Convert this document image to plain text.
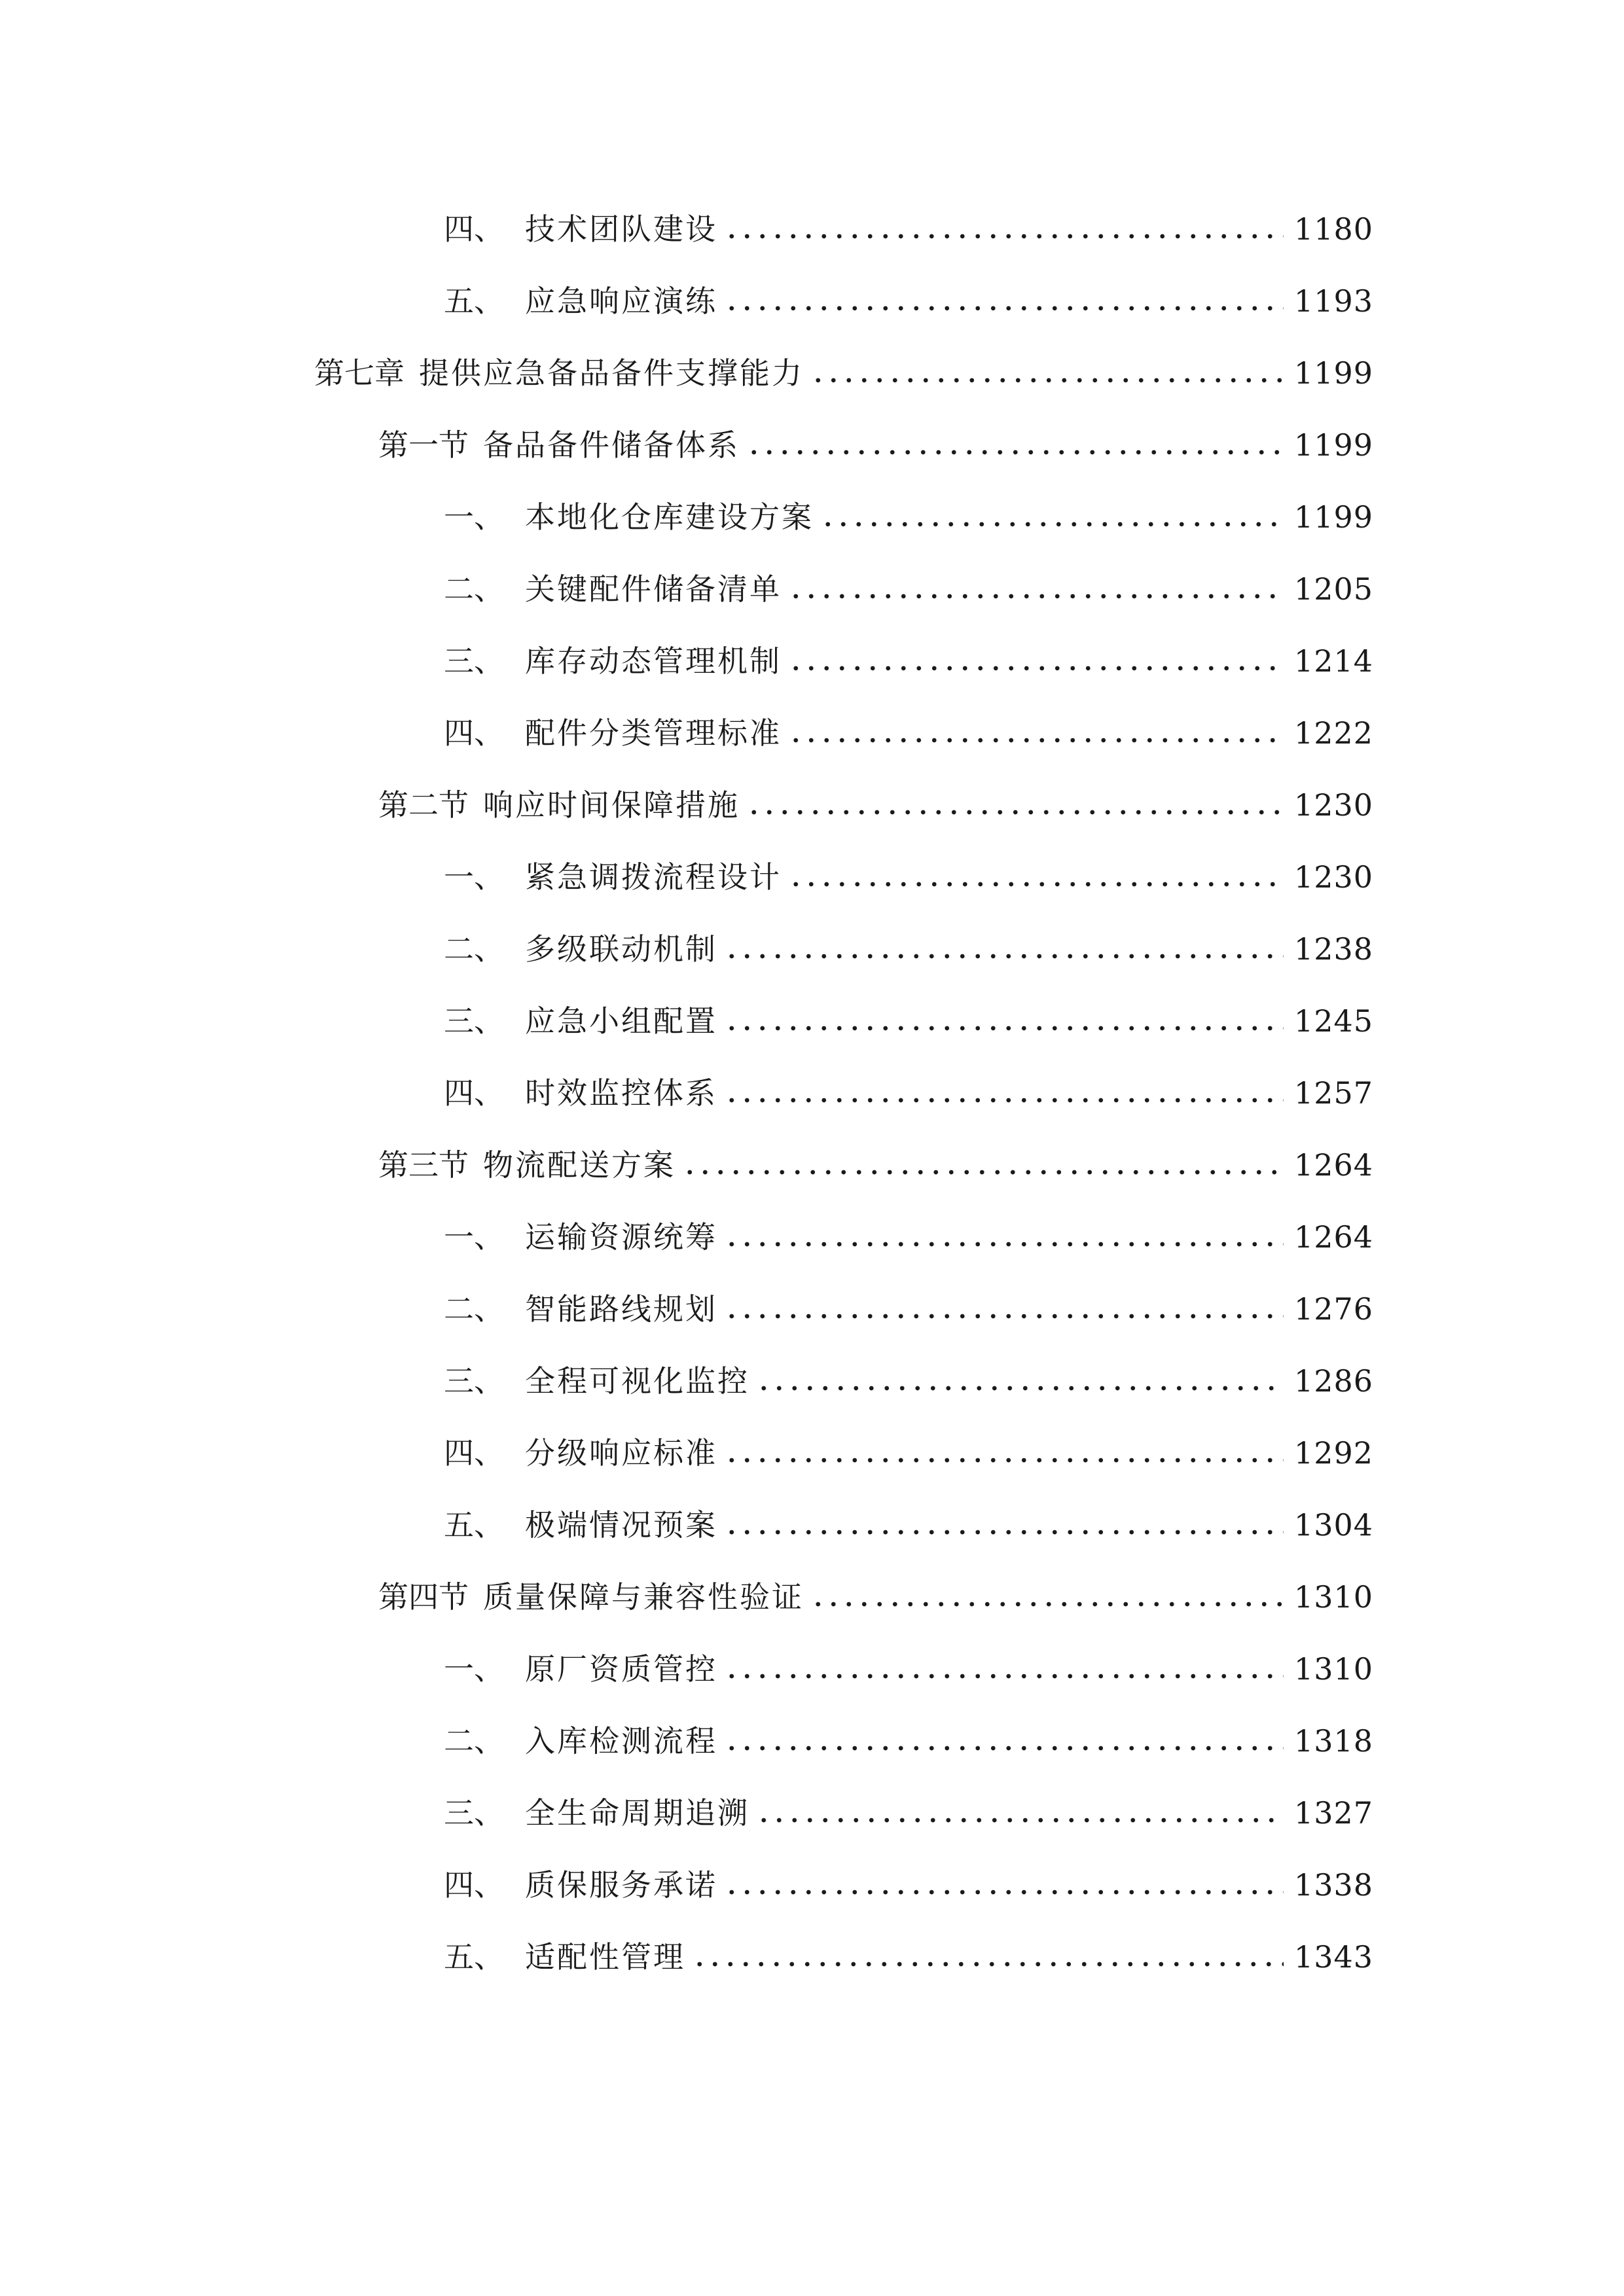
四、 技术团队建设	1180
五、 应急响应演练	1193
第七章 提供应急备品备件支撑能力	1199
第一节 备品备件储备体系	1199
一、 本地化仓库建设方案	1199
二、 关键配件储备清单	1205
三、 库存动态管理机制	1214
四、 配件分类管理标准	1222
第二节 响应时间保障措施	1230
一、 紧急调拨流程设计	1230
二、 多级联动机制	1238
三、 应急小组配置	1245
四、 时效监控体系	1257
第三节 物流配送方案	1264
一、 运输资源统筹	1264
二、 智能路线规划	1276
三、 全程可视化监控	1286
四、 分级响应标准	1292
五、 极端情况预案	1304
第四节 质量保障与兼容性验证	1310
一、 原厂资质管控	1310
二、 入库检测流程	1318
三、 全生命周期追溯	1327
四、 质保服务承诺	1338
五、 适配性管理	1343
